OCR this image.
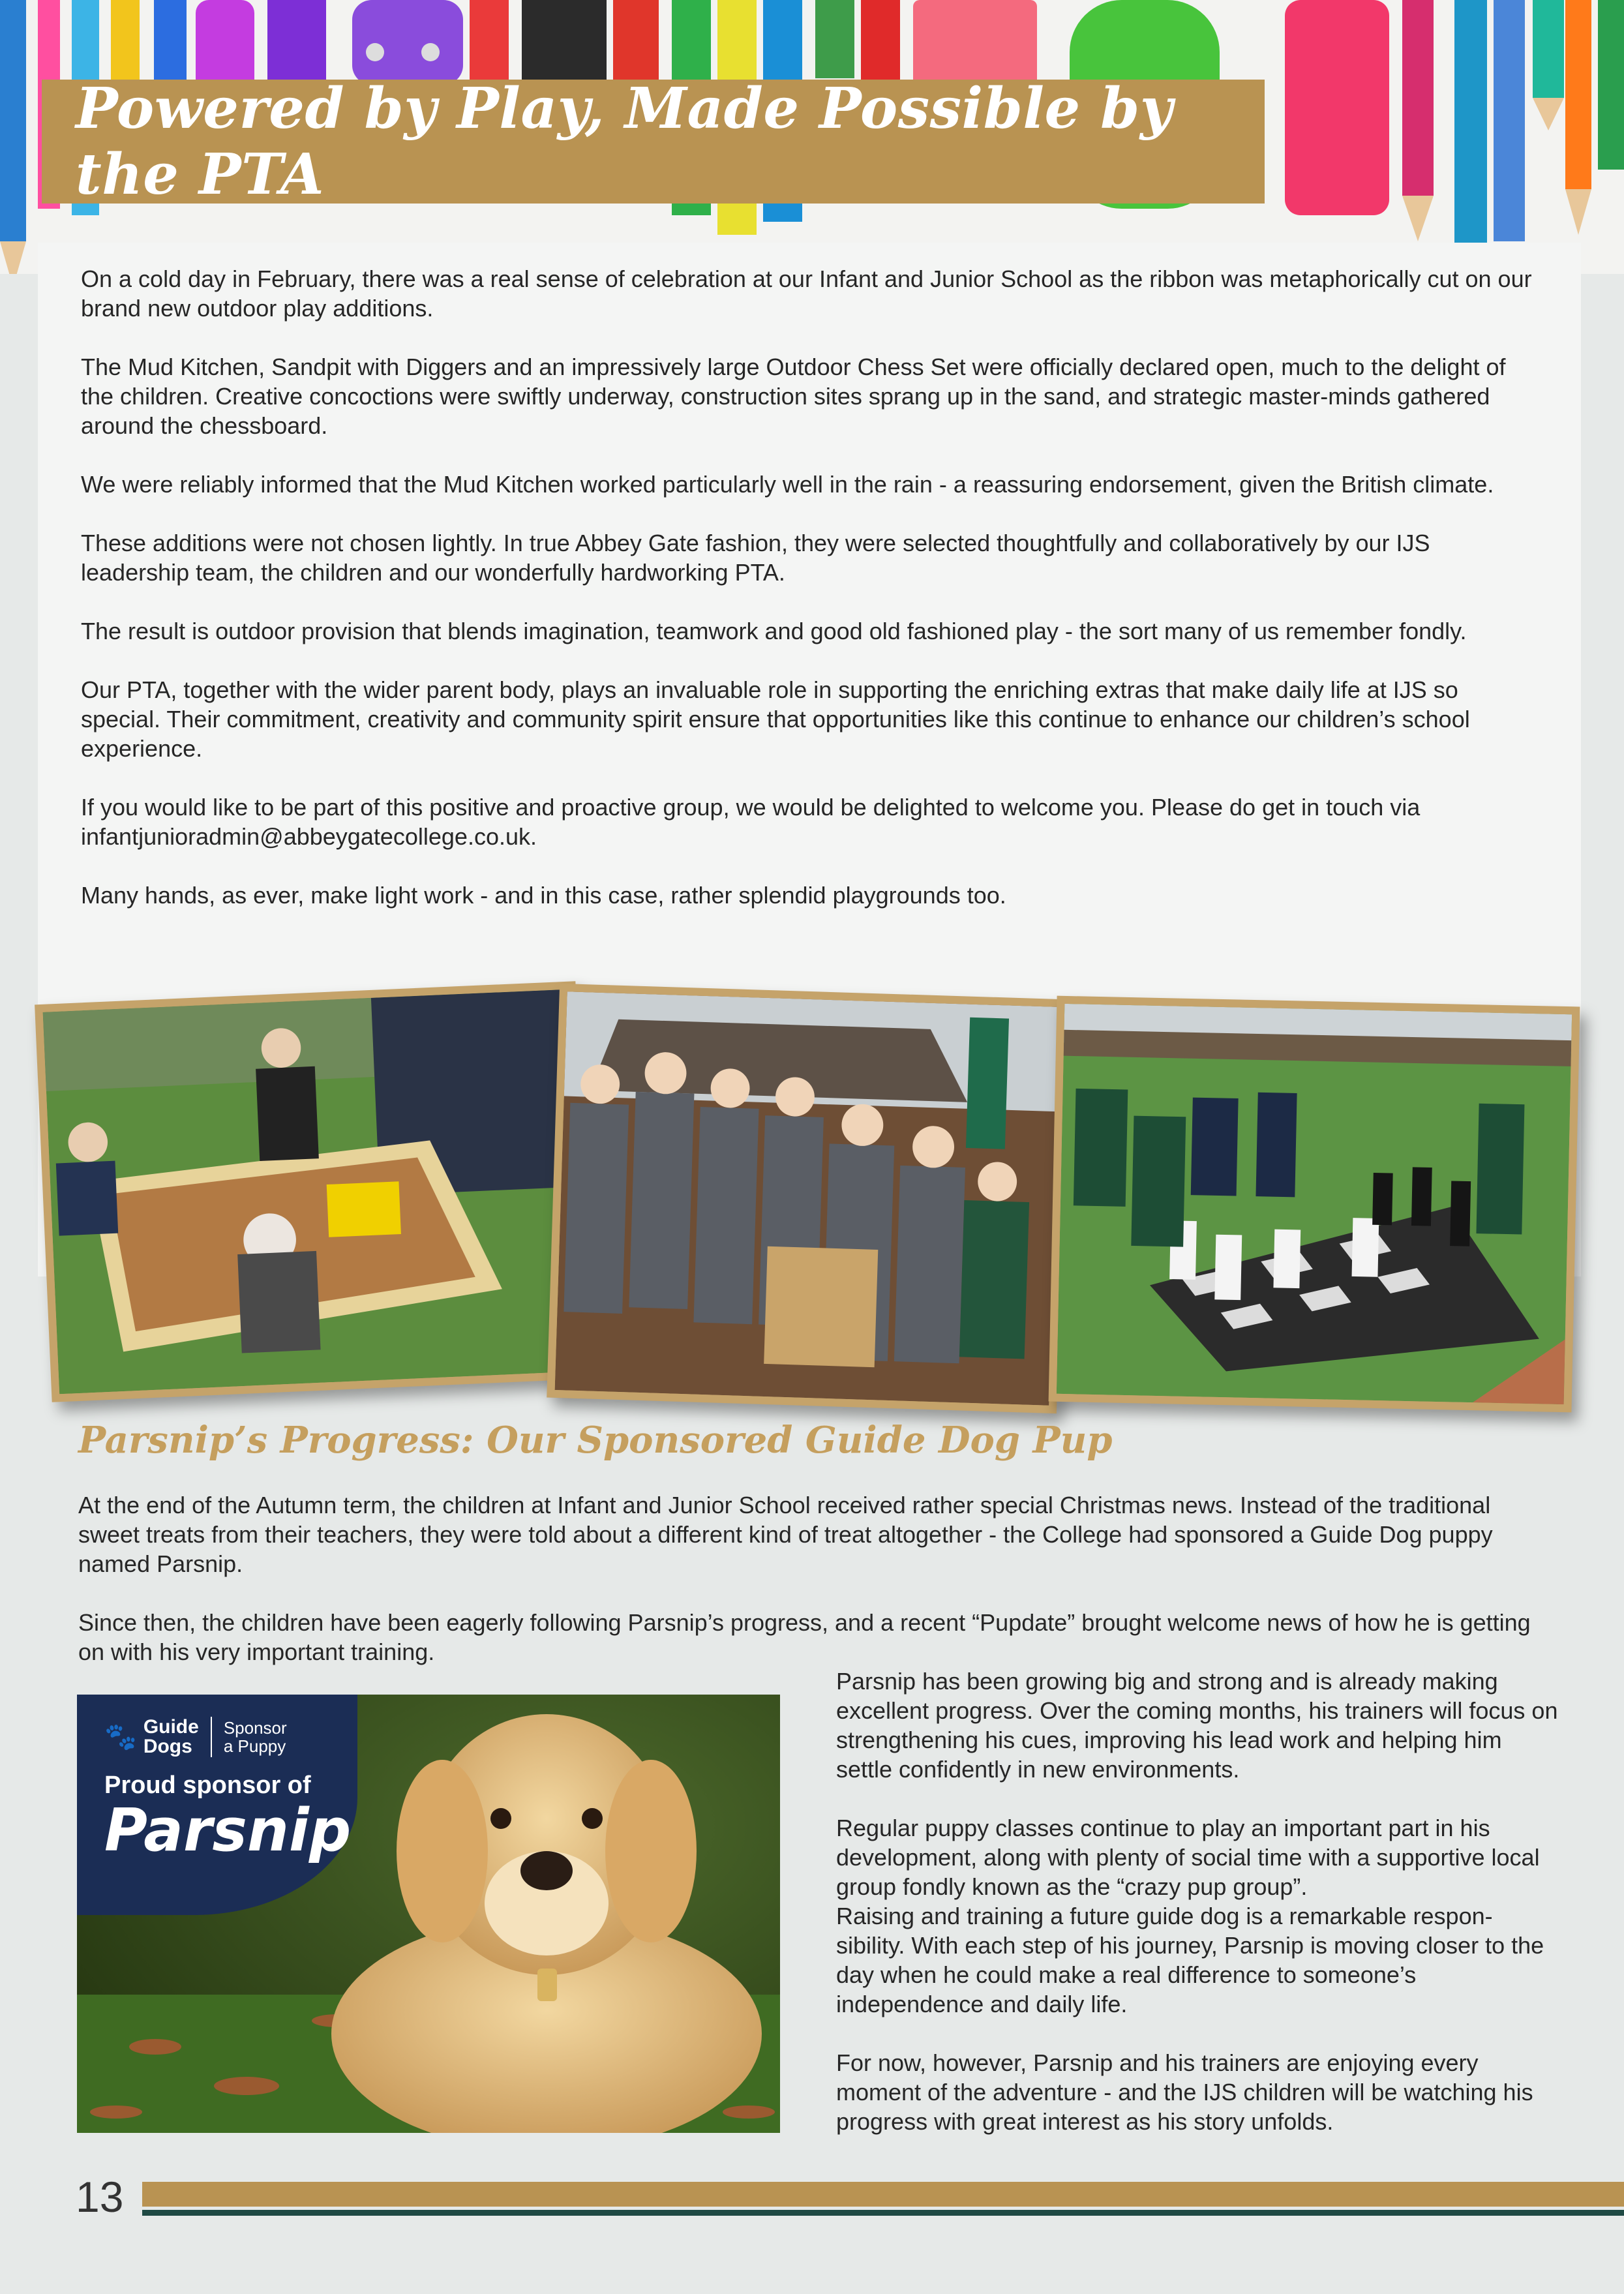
Powered by Play, Made Possible by the PTA

On a cold day in February, there was a real sense of celebration at our Infant and Junior School as the ribbon was metaphorically cut on our brand new outdoor play additions.

The Mud Kitchen, Sandpit with Diggers and an impressively large Outdoor Chess Set were officially declared open, much to the delight of the children. Creative concoctions were swiftly underway, construction sites sprang up in the sand, and strategic master-minds gathered around the chessboard.

We were reliably informed that the Mud Kitchen worked particularly well in the rain - a reassuring endorsement, given the British climate.

These additions were not chosen lightly. In true Abbey Gate fashion, they were selected thoughtfully and collaboratively by our IJS leadership team, the children and our wonderfully hardworking PTA.

The result is outdoor provision that blends imagination, teamwork and good old fashioned play - the sort many of us remember fondly.

Our PTA, together with the wider parent body, plays an invaluable role in supporting the enriching extras that make daily life at IJS so special. Their commitment, creativity and community spirit ensure that opportunities like this continue to enhance our children’s school experience.

If you would like to be part of this positive and proactive group, we would be delighted to welcome you. Please do get in touch via infantjunioradmin@abbeygatecollege.co.uk.

Many hands, as ever, make light work - and in this case, rather splendid playgrounds too.

Parsnip’s Progress: Our Sponsored Guide Dog Pup

At the end of the Autumn term, the children at Infant and Junior School received rather special Christmas news. Instead of the traditional sweet treats from their teachers, they were told about a different kind of treat altogether - the College had sponsored a Guide Dog puppy named Parsnip.

Since then, the children have been eagerly following Parsnip’s progress, and a recent “Pupdate” brought welcome news of how he is getting on with his very important training.

🐾 Guide
Dogs
Sponsor
a Puppy
Proud sponsor of
Parsnip

Parsnip has been growing big and strong and is already making excellent progress. Over the coming months, his trainers will focus on strengthening his cues, improving his lead work and helping him settle confidently in new environments.

Regular puppy classes continue to play an important part in his development, along with plenty of social time with a supportive local group fondly known as the “crazy pup group”.

Raising and training a future guide dog is a remarkable respon-sibility. With each step of his journey, Parsnip is moving closer to the day when he could make a real difference to someone’s independence and daily life.

For now, however, Parsnip and his trainers are enjoying every moment of the adventure - and the IJS children will be watching his progress with great interest as his story unfolds.

13
